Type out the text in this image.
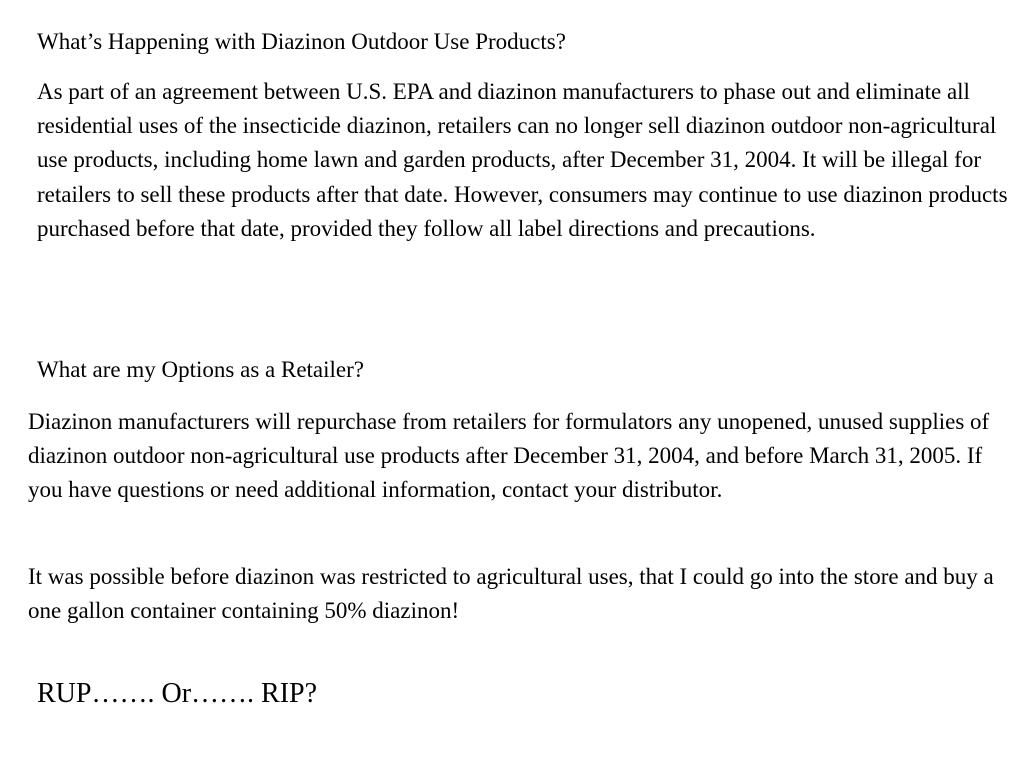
What’s Happening with Diazinon Outdoor Use Products?

As part of an agreement between U.S. EPA and diazinon manufacturers to phase out and eliminate all residential uses of the insecticide diazinon, retailers can no longer sell diazinon outdoor non-agricultural use products, including home lawn and garden products, after December 31, 2004. It will be illegal for retailers to sell these products after that date. However, consumers may continue to use diazinon products purchased before that date, provided they follow all label directions and precautions.

What are my Options as a Retailer?

Diazinon manufacturers will repurchase from retailers for formulators any unopened, unused supplies of diazinon outdoor non-agricultural use products after December 31, 2004, and before March 31, 2005. If you have questions or need additional information, contact your distributor.

It was possible before diazinon was restricted to agricultural uses, that I could go into the store and buy a one gallon container containing 50% diazinon!

RUP……. Or……. RIP?
